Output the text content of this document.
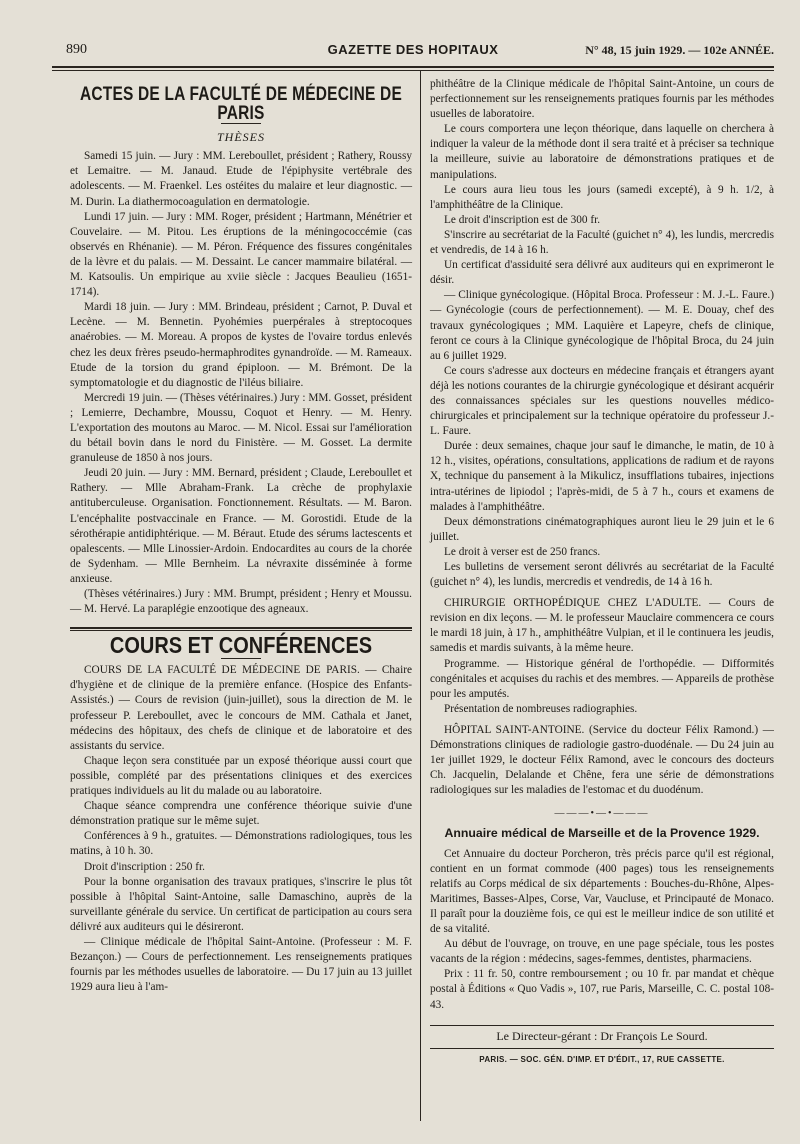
890	GAZETTE DES HOPITAUX	N° 48, 15 juin 1929. — 102e ANNÉE.
ACTES DE LA FACULTÉ DE MÉDECINE DE PARIS
THÈSES

Samedi 15 juin. — Jury : MM. Lereboullet, président ; Rathery, Roussy et Lemaitre. — M. Janaud. Etude de l'épiphysite vertébrale des adolescents. — M. Fraenkel. Les ostéites du malaire et leur diagnostic. — M. Durin. La diathermocoagulation en dermatologie.

Lundi 17 juin. — Jury : MM. Roger, président ; Hartmann, Ménétrier et Couvelaire. — M. Pitou. Les éruptions de la méningococcémie (cas observés en Rhénanie). — M. Péron. Fréquence des fissures congénitales de la lèvre et du palais. — M. Dessaint. Le cancer mammaire bilatéral. — M. Katsoulis. Un empirique au xviie siècle : Jacques Beaulieu (1651-1714).

Mardi 18 juin. — Jury : MM. Brindeau, président ; Carnot, P. Duval et Lecène. — M. Bennetin. Pyohémies puerpérales à streptocoques anaérobies. — M. Moreau. A propos de kystes de l'ovaire tordus enlevés chez les deux frères pseudo-hermaphrodites gynandroïde. — M. Rameaux. Etude de la torsion du grand épiploon. — M. Brémont. De la symptomatologie et du diagnostic de l'iléus biliaire.

Mercredi 19 juin. — (Thèses vétérinaires.) Jury : MM. Gosset, président ; Lemierre, Dechambre, Moussu, Coquot et Henry. — M. Henry. L'exportation des moutons au Maroc. — M. Nicol. Essai sur l'amélioration du bétail bovin dans le nord du Finistère. — M. Gosset. La dermite granuleuse de 1850 à nos jours.

Jeudi 20 juin. — Jury : MM. Bernard, président ; Claude, Lereboullet et Rathery. — Mlle Abraham-Frank. La crèche de prophylaxie antituberculeuse. Organisation. Fonctionnement. Résultats. — M. Baron. L'encéphalite postvaccinale en France. — M. Gorostidi. Etude de la sérothérapie antidiphtérique. — M. Béraut. Etude des sérums lactescents et opalescents. — Mlle Linossier-Ardoin. Endocardites au cours de la chorée de Sydenham. — Mlle Bernheim. La névraxite disséminée à forme anxieuse.

(Thèses vétérinaires.) Jury : MM. Brumpt, président ; Henry et Moussu. — M. Hervé. La paraplégie enzootique des agneaux.

COURS ET CONFÉRENCES

COURS DE LA FACULTÉ DE MÉDECINE DE PARIS. — Chaire d'hygiène et de clinique de la première enfance. (Hospice des Enfants-Assistés.) — Cours de revision (juin-juillet), sous la direction de M. le professeur P. Lereboullet, avec le concours de MM. Cathala et Janet, médecins des hôpitaux, des chefs de clinique et de laboratoire et des assistants du service.

Chaque leçon sera constituée par un exposé théorique aussi court que possible, complété par des présentations cliniques et des exercices pratiques individuels au lit du malade ou au laboratoire.

Chaque séance comprendra une conférence théorique suivie d'une démonstration pratique sur le même sujet.

Conférences à 9 h., gratuites. — Démonstrations radiologiques, tous les matins, à 10 h. 30.

Droit d'inscription : 250 fr.

Pour la bonne organisation des travaux pratiques, s'inscrire le plus tôt possible à l'hôpital Saint-Antoine, salle Damaschino, auprès de la surveillante générale du service. Un certificat de participation au cours sera délivré aux auditeurs qui le désireront.

— Clinique médicale de l'hôpital Saint-Antoine. (Professeur : M. F. Bezançon.) — Cours de perfectionnement. Les renseignements pratiques fournis par les méthodes usuelles de laboratoire. — Du 17 juin au 13 juillet 1929 aura lieu à l'am-

phithéâtre de la Clinique médicale de l'hôpital Saint-Antoine, un cours de perfectionnement sur les renseignements pratiques fournis par les méthodes usuelles de laboratoire.

Le cours comportera une leçon théorique, dans laquelle on cherchera à indiquer la valeur de la méthode dont il sera traité et à préciser sa technique la meilleure, suivie au laboratoire de démonstrations pratiques et de manipulations.

Le cours aura lieu tous les jours (samedi excepté), à 9 h. 1/2, à l'amphithéâtre de la Clinique.

Le droit d'inscription est de 300 fr.

S'inscrire au secrétariat de la Faculté (guichet n° 4), les lundis, mercredis et vendredis, de 14 à 16 h.

Un certificat d'assiduité sera délivré aux auditeurs qui en exprimeront le désir.

— Clinique gynécologique. (Hôpital Broca. Professeur : M. J.-L. Faure.) — Gynécologie (cours de perfectionnement). — M. E. Douay, chef des travaux gynécologiques ; MM. Laquière et Lapeyre, chefs de clinique, feront ce cours à la Clinique gynécologique de l'hôpital Broca, du 24 juin au 6 juillet 1929.

Ce cours s'adresse aux docteurs en médecine français et étrangers ayant déjà les notions courantes de la chirurgie gynécologique et désirant acquérir des connaissances spéciales sur les questions nouvelles médico-chirurgicales et principalement sur la technique opératoire du professeur J.-L. Faure.

Durée : deux semaines, chaque jour sauf le dimanche, le matin, de 10 à 12 h., visites, opérations, consultations, applications de radium et de rayons X, technique du pansement à la Mikulicz, insufflations tubaires, injections intra-utérines de lipiodol ; l'après-midi, de 5 à 7 h., cours et examens de malades à l'amphithéâtre.

Deux démonstrations cinématographiques auront lieu le 29 juin et le 6 juillet.

Le droit à verser est de 250 francs.

Les bulletins de versement seront délivrés au secrétariat de la Faculté (guichet n° 4), les lundis, mercredis et vendredis, de 14 à 16 h.

CHIRURGIE ORTHOPÉDIQUE CHEZ L'ADULTE. — Cours de revision en dix leçons. — M. le professeur Mauclaire commencera ce cours le mardi 18 juin, à 17 h., amphithéâtre Vulpian, et il le continuera les jeudis, samedis et mardis suivants, à la même heure.

Programme. — Historique général de l'orthopédie. — Difformités congénitales et acquises du rachis et des membres. — Appareils de prothèse pour les amputés.

Présentation de nombreuses radiographies.

HÔPITAL SAINT-ANTOINE. (Service du docteur Félix Ramond.) — Démonstrations cliniques de radiologie gastro-duodénale. — Du 24 juin au 1er juillet 1929, le docteur Félix Ramond, avec le concours des docteurs Ch. Jacquelin, Delalande et Chêne, fera une série de démonstrations radiologiques sur les maladies de l'estomac et du duodénum.

———•—•———
Annuaire médical de Marseille et de la Provence 1929.

Cet Annuaire du docteur Porcheron, très précis parce qu'il est régional, contient en un format commode (400 pages) tous les renseignements relatifs au Corps médical de six départements : Bouches-du-Rhône, Alpes-Maritimes, Basses-Alpes, Corse, Var, Vaucluse, et Principauté de Monaco. Il paraît pour la douzième fois, ce qui est le meilleur indice de son utilité et de sa vitalité.

Au début de l'ouvrage, on trouve, en une page spéciale, tous les postes vacants de la région : médecins, sages-femmes, dentistes, pharmaciens.

Prix : 11 fr. 50, contre remboursement ; ou 10 fr. par mandat et chèque postal à Éditions « Quo Vadis », 107, rue Paris, Marseille, C. C. postal 108-43.

Le Directeur-gérant : Dr François Le Sourd.
PARIS. — SOC. GÉN. D'IMP. ET D'ÉDIT., 17, RUE CASSETTE.
